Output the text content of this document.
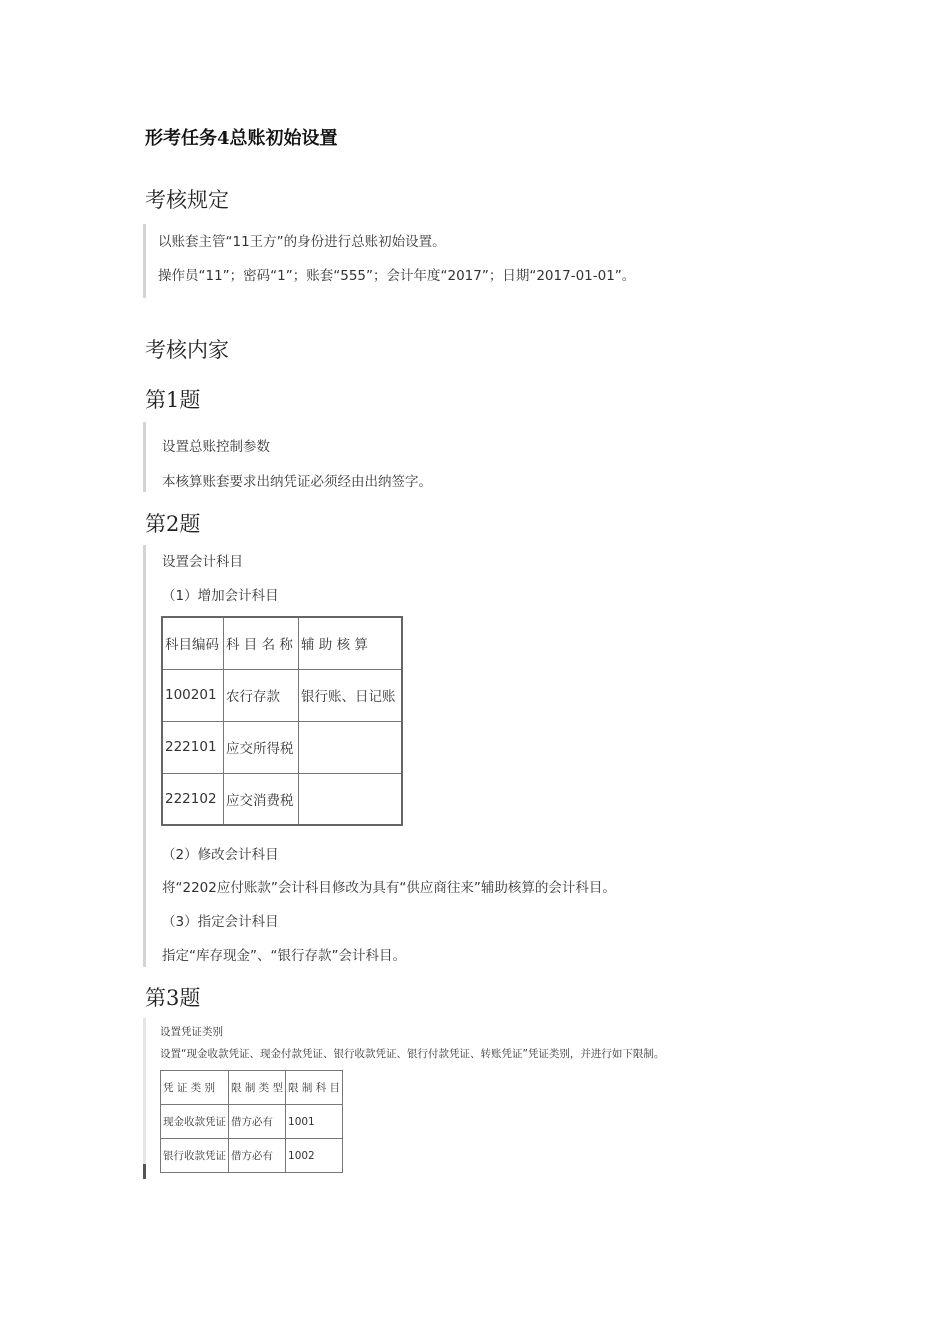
形考任务4总账初始设置
考核规定
以账套主管“11王方”的身份进行总账初始设置。
操作员“11”；密码“1”；账套“555”；会计年度“2017”；日期“2017-01-01”。
考核内家
第1题
设置总账控制参数
本核算账套要求出纳凭证必须经由出纳签字。
第2题
设置会计科目
（1）增加会计科目
科目编码	科 目 名 称	辅 助 核 算
100201	农行存款	银行账、日记账
222101	应交所得税	
222102	应交消费税	
（2）修改会计科目
将“2202应付账款”会计科目修改为具有“供应商往来”辅助核算的会计科目。
（3）指定会计科目
指定“库存现金”、“银行存款”会计科目。
第3题
设置凭证类别
设置“现金收款凭证、现金付款凭证、银行收款凭证、银行付款凭证、转账凭证”凭证类别，并进行如下限制。
凭 证 类 别	限 制 类 型	限 制 科 目
现金收款凭证	借方必有	1001
银行收款凭证	借方必有	1002
